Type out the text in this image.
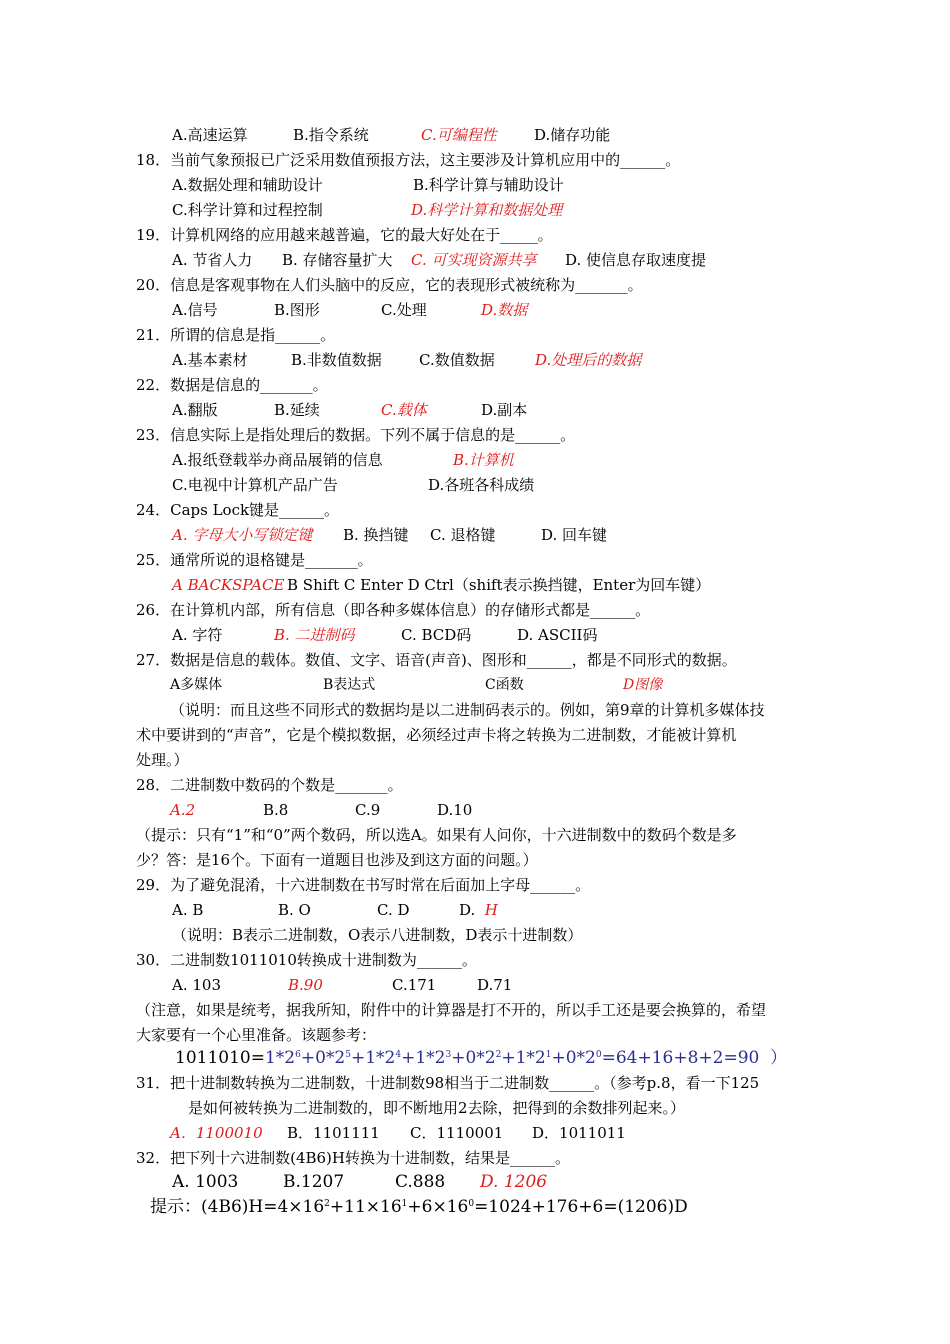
A.高速运算	B.指令系统	C.可编程性 D.储存功能
18．当前气象预报已广泛采用数值预报方法，这主要涉及计算机应用中的______。
A.数据处理和辅助设计	B.科学计算与辅助设计
C.科学计算和过程控制	D.科学计算和数据处理
19．计算机网络的应用越来越普遍，它的最大好处在于_____。
A. 节省人力 B. 存储容量扩大 C. 可实现资源共享 D. 使信息存取速度提
20．信息是客观事物在人们头脑中的反应，它的表现形式被统称为_______。
A.信号	B.图形	C.处理	D.数据
21．所谓的信息是指______。
A.基本素材	B.非数值数据 C.数值数据	D.处理后的数据
22．数据是信息的_______。
A.翻版	B.延续	C.载体	D.副本
23．信息实际上是指处理后的数据。下列不属于信息的是______。
A.报纸登载举办商品展销的信息	B.计算机
C.电视中计算机产品广告	D.各班各科成绩
24．Caps Lock键是______。
A. 字母大小写锁定键 B. 换挡键 C. 退格键	D. 回车键
25．通常所说的退格键是_______。
A BACKSPACE B Shift C Enter D Ctrl（shift表示换挡键，Enter为回车键）
26．在计算机内部，所有信息（即各种多媒体信息）的存储形式都是______。
A. 字符	B. 二进制码	C. BCD码	D. ASCII码
27．数据是信息的载体。数值、文字、语音(声音)、图形和______，都是不同形式的数据。
A多媒体	B表达式	C函数	D图像
（说明：而且这些不同形式的数据均是以二进制码表示的。例如，第9章的计算机多媒体技
术中要讲到的“声音”，它是个模拟数据，必须经过声卡将之转换为二进制数，才能被计算机
处理。）
28．二进制数中数码的个数是_______。
A.2	B.8	C.9	D.10
（提示：只有“1”和“0”两个数码，所以选A。如果有人问你，十六进制数中的数码个数是多
少？答：是16个。下面有一道题目也涉及到这方面的问题。）
29．为了避免混淆，十六进制数在书写时常在后面加上字母______。
A. B	B. O	C. D	D.  H
（说明：B表示二进制数，O表示八进制数，D表示十进制数）
30．二进制数1011010转换成十进制数为______。
A. 103	B.90	C.171	D.71
（注意，如果是统考，据我所知，附件中的计算器是打不开的，所以手工还是要会换算的，希望
大家要有一个心里准备。该题参考：
$1011010=1*2^6+0*2^5+1*2^4+1*2^3+0*2^2+1*2^1+0*2^0=64+16+8+2=90$  ）
31．把十进制数转换为二进制数，十进制数98相当于二进制数______。（参考p.8，看一下125
是如何被转换为二进制数的，即不断地用2去除，把得到的余数排列起来。）
A．1100010 B．1101111 C．1110001 D．1011011
32．把下列十六进制数(4B6)H转换为十进制数，结果是______。
A. 1003	B.1207	C.888 D. 1206
提示：$(4B6)H=4\times 16^2+11\times 16^1+6\times 16^0=1024+176+6=(1206)D$
